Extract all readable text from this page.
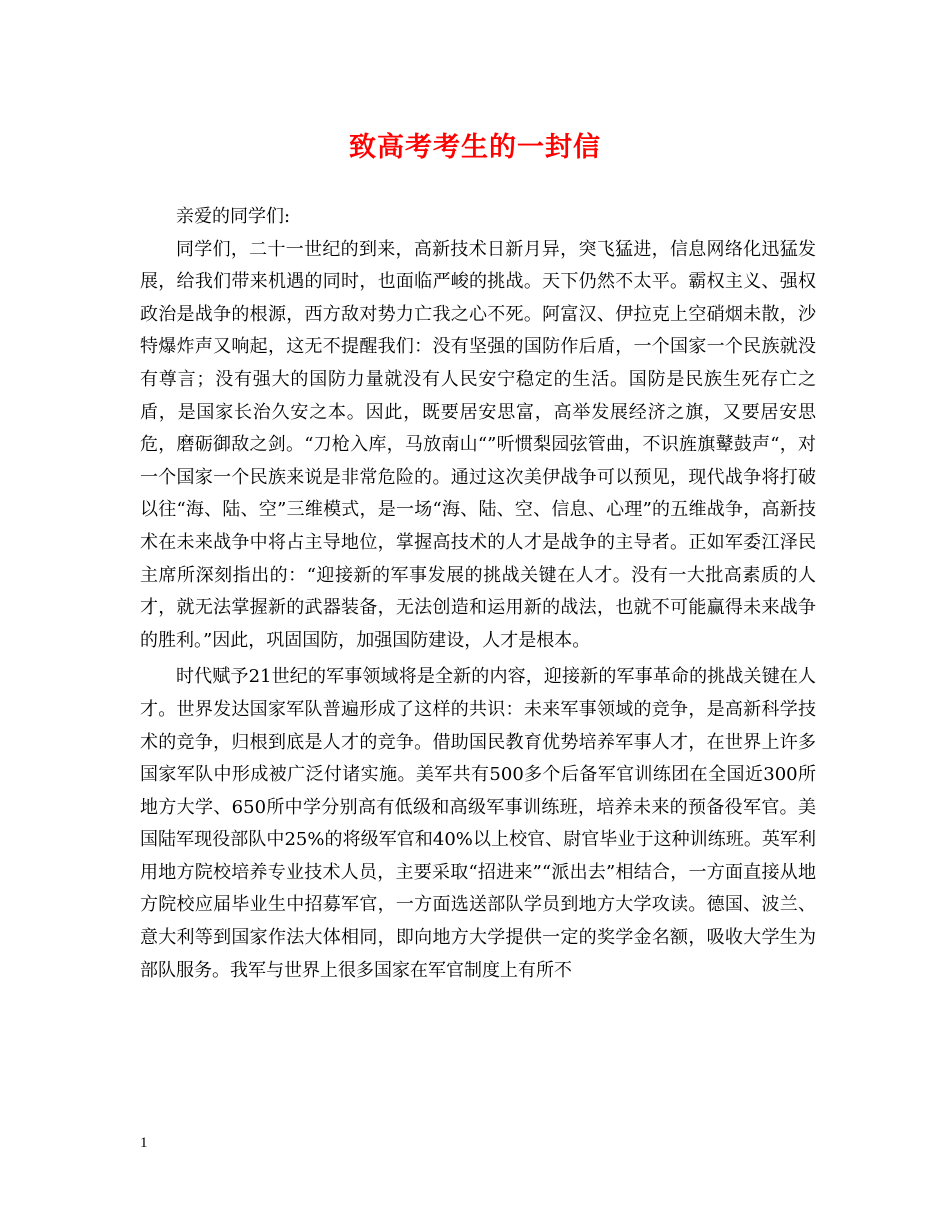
致高考考生的一封信

亲爱的同学们:

同学们，二十一世纪的到来，高新技术日新月异，突飞猛进，信息网络化迅猛发展，给我们带来机遇的同时，也面临严峻的挑战。天下仍然不太平。霸权主义、强权政治是战争的根源，西方敌对势力亡我之心不死。阿富汉、伊拉克上空硝烟未散，沙特爆炸声又响起，这无不提醒我们：没有坚强的国防作后盾，一个国家一个民族就没有尊言；没有强大的国防力量就没有人民安宁稳定的生活。国防是民族生死存亡之盾，是国家长治久安之本。因此，既要居安思富，高举发展经济之旗，又要居安思危，磨砺御敌之剑。“刀枪入库，马放南山“”听惯梨园弦管曲，不识旌旗鼙鼓声“，对一个国家一个民族来说是非常危险的。通过这次美伊战争可以预见，现代战争将打破以往“海、陆、空”三维模式，是一场“海、陆、空、信息、心理”的五维战争，高新技术在未来战争中将占主导地位，掌握高技术的人才是战争的主导者。正如军委江泽民主席所深刻指出的：“迎接新的军事发展的挑战关键在人才。没有一大批高素质的人才，就无法掌握新的武器装备，无法创造和运用新的战法，也就不可能赢得未来战争的胜利。”因此，巩固国防，加强国防建设，人才是根本。

时代赋予21世纪的军事领域将是全新的内容，迎接新的军事革命的挑战关键在人才。世界发达国家军队普遍形成了这样的共识：未来军事领域的竞争，是高新科学技术的竞争，归根到底是人才的竞争。借助国民教育优势培养军事人才，在世界上许多国家军队中形成被广泛付诸实施。美军共有500多个后备军官训练团在全国近300所地方大学、650所中学分别高有低级和高级军事训练班，培养未来的预备役军官。美国陆军现役部队中25%的将级军官和40%以上校官、尉官毕业于这种训练班。英军利用地方院校培养专业技术人员，主要采取“招进来”“派出去”相结合，一方面直接从地方院校应届毕业生中招募军官，一方面选送部队学员到地方大学攻读。德国、波兰、意大利等到国家作法大体相同，即向地方大学提供一定的奖学金名额，吸收大学生为部队服务。我军与世界上很多国家在军官制度上有所不

1
